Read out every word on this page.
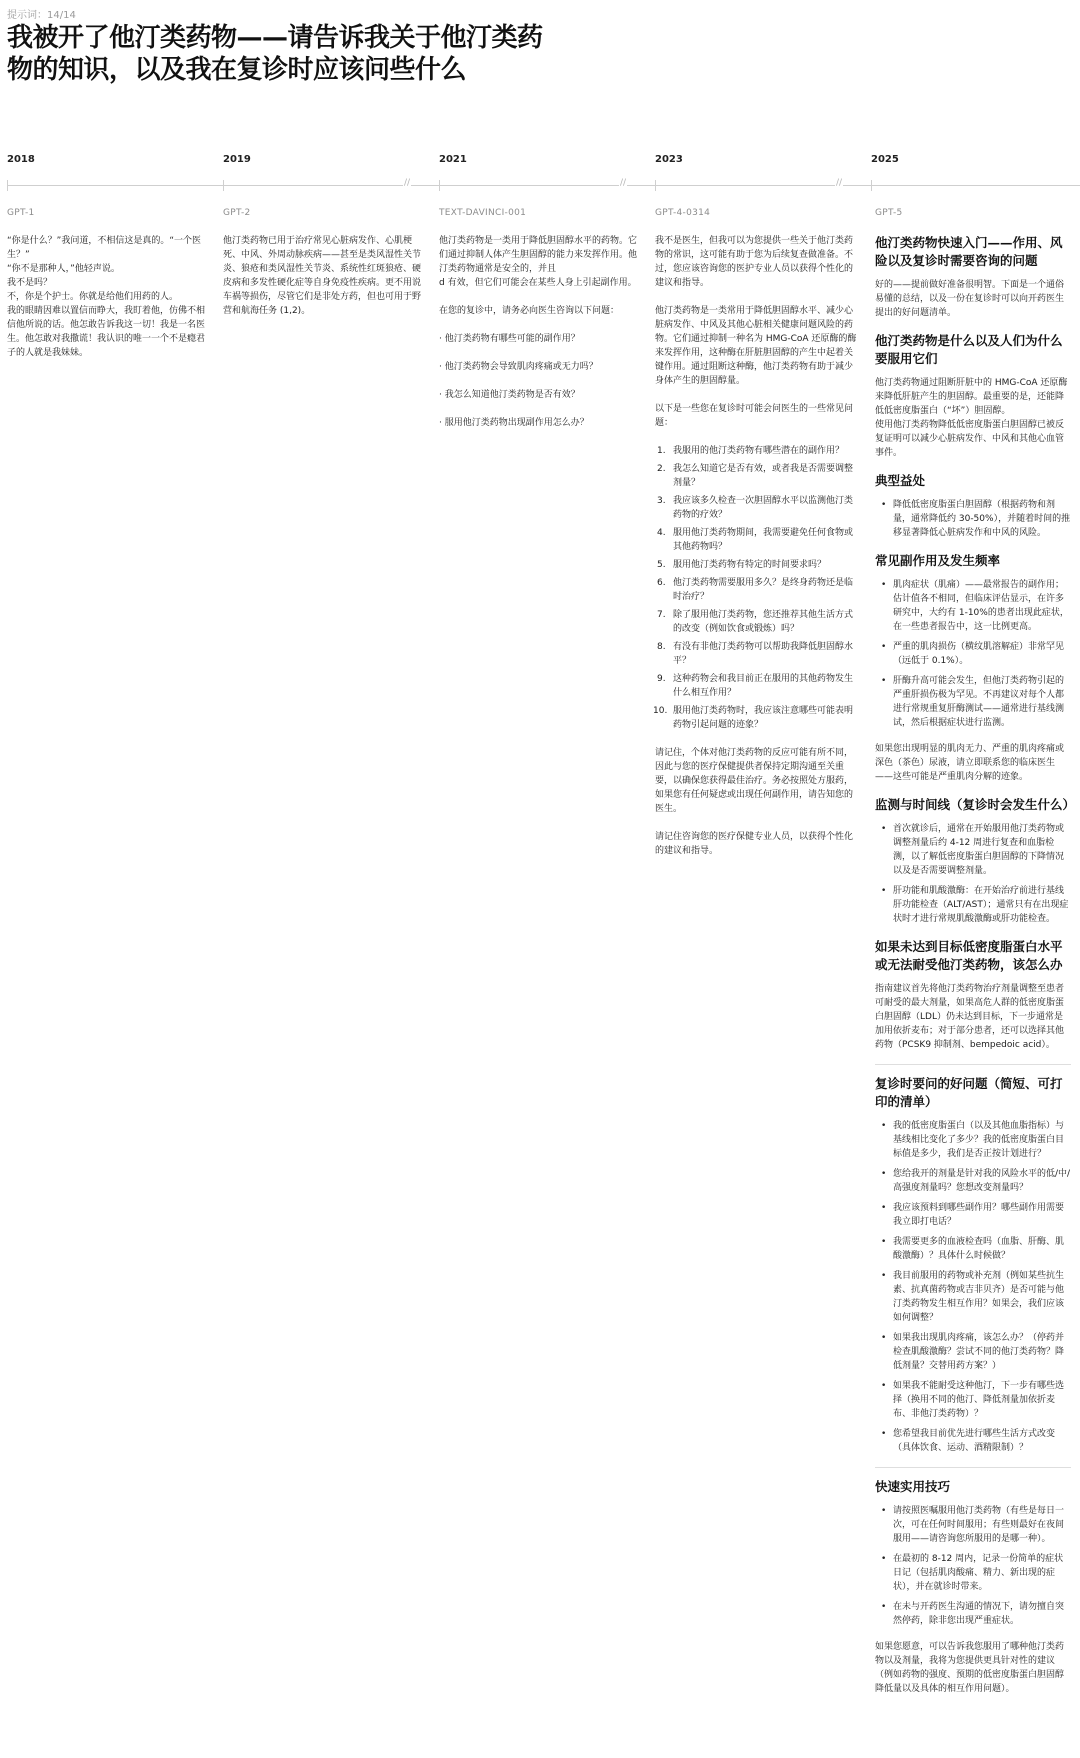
提示词：14/14
我被开了他汀类药物——请告诉我关于他汀类药物的知识，以及我在复诊时应该问些什么
2018	2019	2021	2023	2025
//	//	//
GPT-1

“你是什么？”我问道，不相信这是真的。“一个医生？”
“你不是那种人，”他轻声说。
我不是吗？
不，你是个护士。你就是给他们用药的人。
我的眼睛因难以置信而睁大，我盯着他，仿佛不相信他所说的话。他怎敢告诉我这一切！我是一名医生。他怎敢对我撒谎！我认识的唯一一个不是瘾君子的人就是我妹妹。

GPT-2

他汀类药物已用于治疗常见心脏病发作、心肌梗死、中风、外周动脉疾病——甚至是类风湿性关节炎、狼疮和类风湿性关节炎、系统性红斑狼疮、硬皮病和多发性硬化症等自身免疫性疾病。更不用说车祸等损伤，尽管它们是非处方药，但也可用于野营和航海任务 (1,2)。

TEXT-DAVINCI-001

他汀类药物是一类用于降低胆固醇水平的药物。它们通过抑制人体产生胆固醇的能力来发挥作用。他汀类药物通常是安全的，并且
d 有效，但它们可能会在某些人身上引起副作用。

在您的复诊中，请务必向医生咨询以下问题：

· 他汀类药物有哪些可能的副作用？
· 他汀类药物会导致肌肉疼痛或无力吗？
· 我怎么知道他汀类药物是否有效？
· 服用他汀类药物出现副作用怎么办？
GPT-4-0314

我不是医生，但我可以为您提供一些关于他汀类药物的常识，这可能有助于您为后续复查做准备。不过，您应该咨询您的医护专业人员以获得个性化的建议和指导。

他汀类药物是一类常用于降低胆固醇水平、减少心脏病发作、中风及其他心脏相关健康问题风险的药物。它们通过抑制一种名为 HMG-CoA 还原酶的酶来发挥作用，这种酶在肝脏胆固醇的产生中起着关键作用。通过阻断这种酶，他汀类药物有助于减少身体产生的胆固醇量。

以下是一些您在复诊时可能会问医生的一些常见问题：

1. 我服用的他汀类药物有哪些潜在的副作用？
2. 我怎么知道它是否有效，或者我是否需要调整剂量？
3. 我应该多久检查一次胆固醇水平以监测他汀类药物的疗效？
4. 服用他汀类药物期间，我需要避免任何食物或其他药物吗？
5. 服用他汀类药物有特定的时间要求吗？
6. 他汀类药物需要服用多久？是终身药物还是临时治疗？
7. 除了服用他汀类药物，您还推荐其他生活方式的改变（例如饮食或锻炼）吗？
8. 有没有非他汀类药物可以帮助我降低胆固醇水平？
9. 这种药物会和我目前正在服用的其他药物发生什么相互作用？
10. 服用他汀类药物时，我应该注意哪些可能表明药物引起问题的迹象？

请记住，个体对他汀类药物的反应可能有所不同，因此与您的医疗保健提供者保持定期沟通至关重要，以确保您获得最佳治疗。务必按照处方服药，如果您有任何疑虑或出现任何副作用，请告知您的医生。

请记住咨询您的医疗保健专业人员，以获得个性化的建议和指导。

GPT-5
他汀类药物快速入门——作用、风险以及复诊时需要咨询的问题

好的——提前做好准备很明智。下面是一个通俗易懂的总结，以及一份在复诊时可以向开药医生提出的好问题清单。

他汀类药物是什么以及人们为什么要服用它们

他汀类药物通过阻断肝脏中的 HMG-CoA 还原酶来降低肝脏产生的胆固醇。最重要的是，还能降低低密度脂蛋白（“坏”）胆固醇。
使用他汀类药物降低低密度脂蛋白胆固醇已被反复证明可以减少心脏病发作、中风和其他心血管事件。

典型益处
• 降低低密度脂蛋白胆固醇（根据药物和剂量，通常降低约 30-50%），并随着时间的推移显著降低心脏病发作和中风的风险。
常见副作用及发生频率
• 肌肉症状（肌痛）——最常报告的副作用；估计值各不相同，但临床评估显示，在许多研究中，大约有 1-10%的患者出现此症状，在一些患者报告中，这一比例更高。
• 严重的肌肉损伤（横纹肌溶解症）非常罕见（远低于 0.1%）。
• 肝酶升高可能会发生，但他汀类药物引起的严重肝损伤极为罕见。不再建议对每个人都进行常规重复肝酶测试——通常进行基线测试，然后根据症状进行监测。

如果您出现明显的肌肉无力、严重的肌肉疼痛或深色（茶色）尿液，请立即联系您的临床医生——这些可能是严重肌肉分解的迹象。

监测与时间线（复诊时会发生什么）
• 首次就诊后，通常在开始服用他汀类药物或调整剂量后约 4-12 周进行复查和血脂检测，以了解低密度脂蛋白胆固醇的下降情况以及是否需要调整剂量。
• 肝功能和肌酸激酶：在开始治疗前进行基线肝功能检查（ALT/AST）；通常只有在出现症状时才进行常规肌酸激酶或肝功能检查。
如果未达到目标低密度脂蛋白水平或无法耐受他汀类药物，该怎么办

指南建议首先将他汀类药物治疗剂量调整至患者可耐受的最大剂量，如果高危人群的低密度脂蛋白胆固醇（LDL）仍未达到目标，下一步通常是加用依折麦布；对于部分患者，还可以选择其他药物（PCSK9 抑制剂、bempedoic acid）。

复诊时要问的好问题（简短、可打印的清单）
• 我的低密度脂蛋白（以及其他血脂指标）与基线相比变化了多少？我的低密度脂蛋白目标值是多少，我们是否正按计划进行？
• 您给我开的剂量是针对我的风险水平的低/中/高强度剂量吗？您想改变剂量吗？
• 我应该预料到哪些副作用？哪些副作用需要我立即打电话？
• 我需要更多的血液检查吗（血脂、肝酶、肌酸激酶）？具体什么时候做？
• 我目前服用的药物或补充剂（例如某些抗生素、抗真菌药物或吉非贝齐）是否可能与他汀类药物发生相互作用？如果会，我们应该如何调整？
• 如果我出现肌肉疼痛，该怎么办？（停药并检查肌酸激酶？尝试不同的他汀类药物？降低剂量？交替用药方案？）
• 如果我不能耐受这种他汀，下一步有哪些选择（换用不同的他汀、降低剂量加依折麦布、非他汀类药物）？
• 您希望我目前优先进行哪些生活方式改变（具体饮食、运动、酒精限制）？
快速实用技巧
• 请按照医嘱服用他汀类药物（有些是每日一次，可在任何时间服用；有些则最好在夜间服用——请咨询您所服用的是哪一种）。
• 在最初的 8-12 周内，记录一份简单的症状日记（包括肌肉酸痛、精力、新出现的症状），并在就诊时带来。
• 在未与开药医生沟通的情况下，请勿擅自突然停药，除非您出现严重症状。

如果您愿意，可以告诉我您服用了哪种他汀类药物以及剂量，我将为您提供更具针对性的建议（例如药物的强度、预期的低密度脂蛋白胆固醇降低量以及具体的相互作用问题）。
